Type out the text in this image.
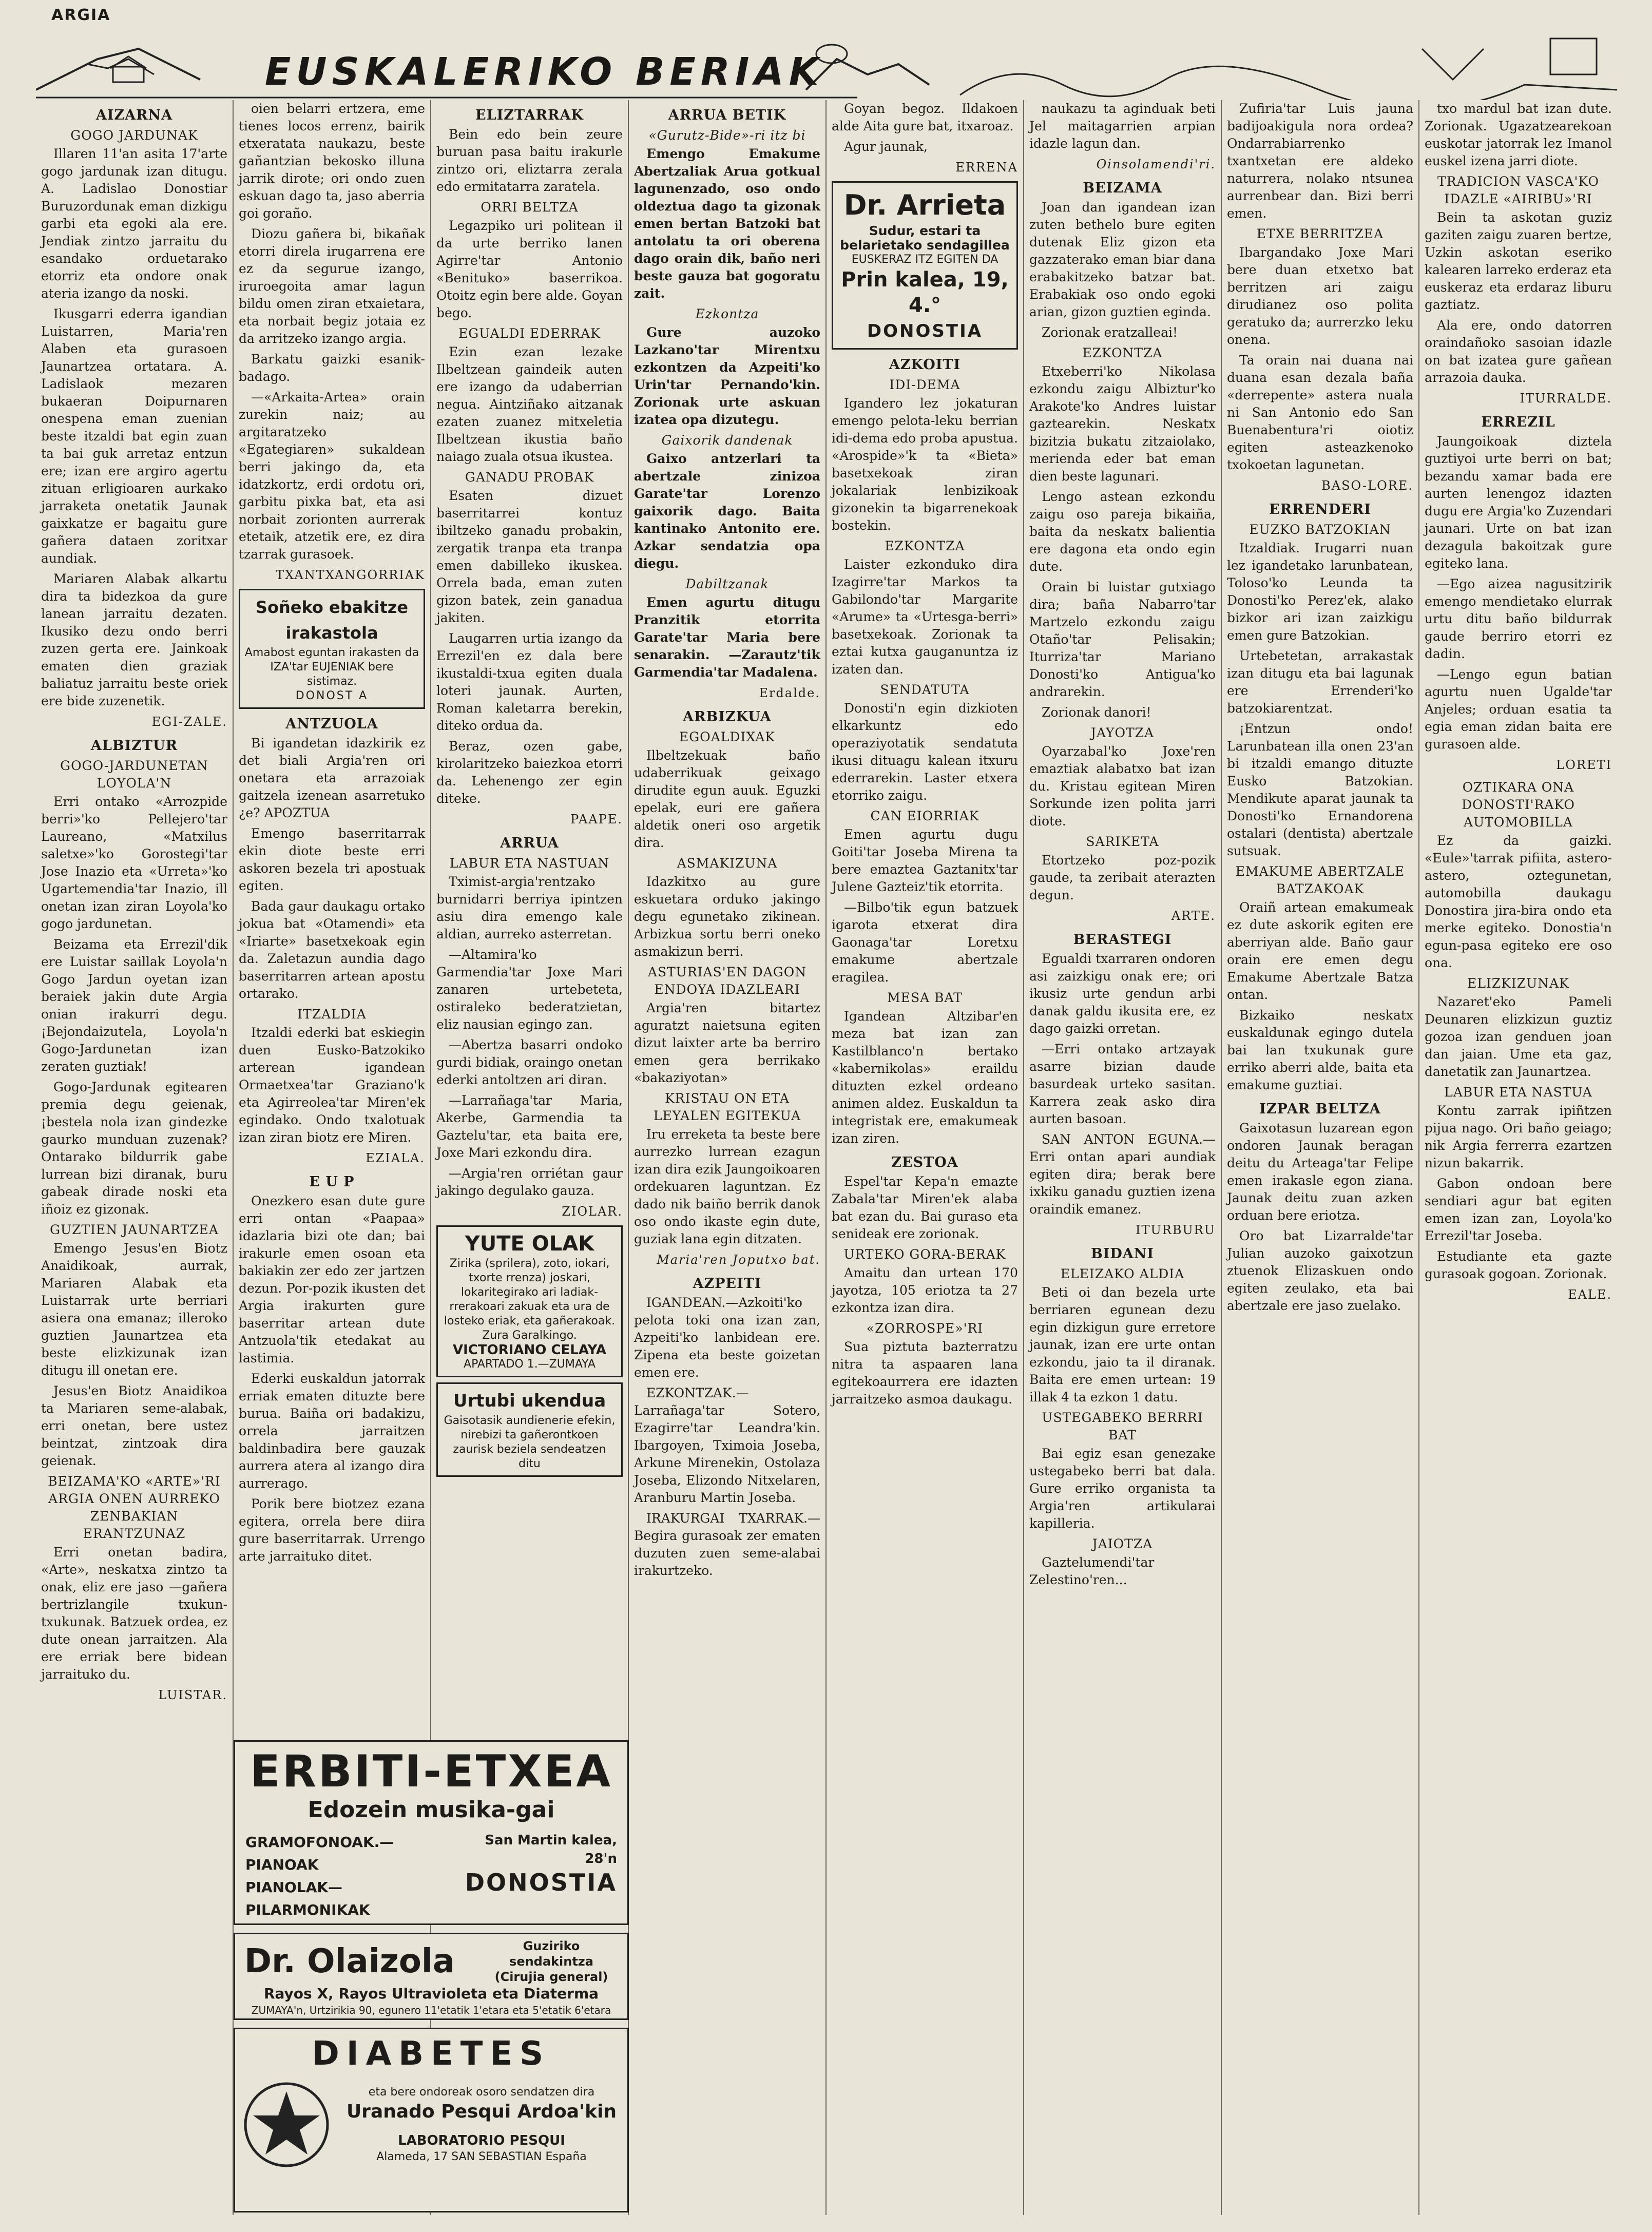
EUSKALERIKO BERIAK
ARGIA
AIZARNA
GOGO JARDUNAK

Illaren 11'an asita 17'arte gogo jardunak izan ditugu. A. Ladislao Donostiar Buruzordunak eman dizkigu garbi eta egoki ala ere. Jendiak zintzo jarraitu du esandako orduetarako etorriz eta ondore onak ateria izango da noski.

Ikusgarri ederra igandian Luistarren, Maria'ren Alaben eta gurasoen Jaunartzea ortatara. A. Ladislaok mezaren bukaeran Doipurnaren onespena eman zuenian beste itzaldi bat egin zuan ta bai guk arretaz entzun ere; izan ere argiro agertu zituan erligioaren aurkako jarraketa onetatik Jaunak gaixkatze er bagaitu gure gañera dataen zoritxar aundiak.

Mariaren Alabak alkartu dira ta bidezkoa da gure lanean jarraitu dezaten. Ikusiko dezu ondo berri zuzen gerta ere. Jainkoak ematen dien graziak baliatuz jarraitu beste oriek ere bide zuzenetik.

EGI-ZALE.
ALBIZTUR
GOGO-JARDUNETAN LOYOLA'N

Erri ontako «Arrozpide berri»'ko Pellejero'tar Laureano, «Matxilus saletxe»'ko Gorostegi'tar Jose Inazio eta «Urreta»'ko Ugartemendia'tar Inazio, ill onetan izan ziran Loyola'ko gogo jardunetan.

Beizama eta Errezil'dik ere Luistar saillak Loyola'n Gogo Jardun oyetan izan beraiek jakin dute Argia onian irakurri degu. ¡Bejondaizutela, Loyola'n Gogo-Jardunetan izan zeraten guztiak!

Gogo-Jardunak egitearen premia degu geienak, ¡bestela nola izan gindezke gaurko munduan zuzenak? Ontarako bildurrik gabe lurrean bizi diranak, buru gabeak dirade noski eta iñoiz ez gizonak.

GUZTIEN JAUNARTZEA

Emengo Jesus'en Biotz Anaidikoak, aurrak, Mariaren Alabak eta Luistarrak urte berriari asiera ona emanaz; illeroko guztien Jaunartzea eta beste elizkizunak izan ditugu ill onetan ere.

Jesus'en Biotz Anaidikoa ta Mariaren seme-alabak, erri onetan, bere ustez beintzat, zintzoak dira geienak.

BEIZAMA'KO «ARTE»'RI ARGIA ONEN AURREKO ZENBAKIAN ERANTZUNAZ

Erri onetan badira, «Arte», neskatxa zintzo ta onak, eliz ere jaso —gañera bertrizlangile txukun-txukunak. Batzuek ordea, ez dute onean jarraitzen. Ala ere erriak bere bidean jarraituko du.

LUISTAR.

oien belarri ertzera, eme tienes locos errenz, bairik etxeratata naukazu, beste gañantzian bekosko illuna jarrik dirote; ori ondo zuen eskuan dago ta, jaso aberria goi goraño.

Diozu gañera bi, bikañak etorri direla irugarrena ere ez da segurue izango, iruroegoita amar lagun bildu omen ziran etxaietara, eta norbait begiz jotaia ez da arritzeko izango argia.

Barkatu gaizki esanik-badago.

—«Arkaita-Artea» orain zurekin naiz; au argitaratzeko «Egategiaren» sukaldean berri jakingo da, eta idatzkortz, erdi ordotu ori, garbitu pixka bat, eta asi norbait zorionten aurrerak etetaik, atzetik ere, ez dira tzarrak gurasoek.

TXANTXANGORRIAK
Soñeko ebakitze irakastola
Amabost eguntan irakasten da IZA'tar EUJENIAK bere sistimaz.
DONOST A
ANTZUOLA

Bi igandetan idazkirik ez det biali Argia'ren ori onetara eta arrazoiak gaitzela izenean asarretuko ¿e? APOZTUA

Emengo baserritarrak ekin diote beste erri askoren bezela tri apostuak egiten.

Bada gaur daukagu ortako jokua bat «Otamendi» eta «Iriarte» basetxekoak egin da. Zaletazun aundia dago baserritarren artean apostu ortarako.

ITZALDIA

Itzaldi ederki bat eskiegin duen Eusko-Batzokiko arterean igandean Ormaetxea'tar Graziano'k eta Agirreolea'tar Miren'ek egindako. Ondo txalotuak izan ziran biotz ere Miren.

EZIALA.
E U P

Onezkero esan dute gure erri ontan «Paapaa» idazlaria bizi ote dan; bai irakurle emen osoan eta bakiakin zer edo zer jartzen dezun. Por-pozik ikusten det Argia irakurten gure baserritar artean dute Antzuola'tik etedakat au lastimia.

Ederki euskaldun jatorrak erriak ematen dituzte bere burua. Baiña ori badakizu, orrela jarraitzen baldinbadira bere gauzak aurrera atera al izango dira aurrerago.

Porik bere biotzez ezana egitera, orrela bere diira gure baserritarrak. Urrengo arte jarraituko ditet.

ELIZTARRAK

Bein edo bein zeure buruan pasa baitu irakurle zintzo ori, eliztarra zerala edo ermitatarra zaratela.

ORRI BELTZA

Legazpiko uri politean il da urte berriko lanen Agirre'tar Antonio «Benituko» baserrikoa. Otoitz egin bere alde. Goyan bego.

EGUALDI EDERRAK

Ezin ezan lezake Ilbeltzean gaindeik auten ere izango da udaberrian negua. Aintziñako aitzanak ezaten zuanez mitxeletia Ilbeltzean ikustia baño naiago zuala otsua ikustea.

GANADU PROBAK

Esaten dizuet baserritarrei kontuz ibiltzeko ganadu probakin, zergatik tranpa eta tranpa emen dabilleko ikuskea. Orrela bada, eman zuten gizon batek, zein ganadua jakiten.

Laugarren urtia izango da Errezil'en ez dala bere ikustaldi-txua egiten duala loteri jaunak. Aurten, Roman kaletarra berekin, diteko ordua da.

Beraz, ozen gabe, kirolaritzeko baiezkoa etorri da. Lehenengo zer egin diteke.

PAAPE.
ARRUA
LABUR ETA NASTUAN

Tximist-argia'rentzako burnidarri berriya ipintzen asiu dira emengo kale aldian, aurreko asterretan.

—Altamira'ko Garmendia'tar Joxe Mari zanaren urtebeteta, ostiraleko bederatzietan, eliz nausian egingo zan.

—Abertza basarri ondoko gurdi bidiak, oraingo onetan ederki antoltzen ari diran.

—Larrañaga'tar Maria, Akerbe, Garmendia ta Gaztelu'tar, eta baita ere, Joxe Mari ezkondu dira.

—Argia'ren orriétan gaur jakingo degulako gauza.

ZIOLAR.
YUTE OLAK
Zirika (sprilera), zoto, iokari, txorte rrenza) joskari, lokaritegirako ari ladiak-rrerakoari zakuak eta ura de losteko eriak, eta gañerakoak. Zura Garalkingo.
VICTORIANO CELAYA
APARTADO 1.—ZUMAYA
Urtubi ukendua
Gaisotasik aundienerie efekin, nirebizi ta gañerontkoen zaurisk beziela sendeatzen ditu
ARRUA BETIK
«Gurutz-Bide»-ri itz bi

Emengo Emakume Abertzaliak Arua gotkual lagunenzado, oso ondo oldeztua dago ta gizonak emen bertan Batzoki bat antolatu ta ori oberena dago orain dik, baño neri beste gauza bat gogoratu zait.

Ezkontza

Gure auzoko Lazkano'tar Mirentxu ezkontzen da Azpeiti'ko Urin'tar Pernando'kin. Zorionak urte askuan izatea opa dizutegu.

Gaixorik dandenak

Gaixo antzerlari ta abertzale zinizoa Garate'tar Lorenzo gaixorik dago. Baita kantinako Antonito ere. Azkar sendatzia opa diegu.

Dabiltzanak

Emen agurtu ditugu Pranzitik etorrita Garate'tar Maria bere senarakin. —Zarautz'tik Garmendia'tar Madalena.

Erdalde.
ARBIZKUA
EGOALDIXAK

Ilbeltzekuak baño udaberrikuak geixago dirudite egun auuk. Eguzki epelak, euri ere gañera aldetik oneri oso argetik dira.

ASMAKIZUNA

Idazkitxo au gure eskuetara orduko jakingo degu egunetako zikinean. Arbizkua sortu berri oneko asmakizun berri.

ASTURIAS'EN DAGON ENDOYA IDAZLEARI

Argia'ren bitartez aguratzt naietsuna egiten dizut laixter arte ba berriro emen gera berrikako «bakaziyotan»

KRISTAU ON ETA LEYALEN EGITEKUA

Iru erreketa ta beste bere aurrezko lurrean ezagun izan dira ezik Jaungoikoaren ordekuaren laguntzan. Ez dado nik baiño berrik danok oso ondo ikaste egin dute, guziak lana egin ditzaten.

Maria'ren Joputxo bat.
AZPEITI

IGANDEAN.—Azkoiti'ko pelota toki ona izan zan, Azpeiti'ko lanbidean ere. Zipena eta beste goizetan emen ere.

EZKONTZAK.—Larrañaga'tar Sotero, Ezagirre'tar Leandra'kin. Ibargoyen, Tximoia Joseba, Arkune Mirenekin, Ostolaza Joseba, Elizondo Nitxelaren, Aranburu Martin Joseba.

IRAKURGAI TXARRAK.—Begira gurasoak zer ematen duzuten zuen seme-alabai irakurtzeko.

Goyan begoz. Ildakoen alde Aita gure bat, itxaroaz.

Agur jaunak,

ERRENA
Dr. Arrieta
Sudur, estari ta belarietako sendagillea
EUSKERAZ ITZ EGITEN DA
Prin kalea, 19, 4.°
DONOSTIA
AZKOITI
IDI-DEMA

Igandero lez jokaturan emengo pelota-leku berrian idi-dema edo proba apustua. «Arospide»'k ta «Bieta» basetxekoak ziran jokalariak lenbizikoak gizonekin ta bigarrenekoak bostekin.

EZKONTZA

Laister ezkonduko dira Izagirre'tar Markos ta Gabilondo'tar Margarite «Arume» ta «Urtesga-berri» basetxekoak. Zorionak ta eztai kutxa gauganuntza iz izaten dan.

SENDATUTA

Donosti'n egin dizkioten elkarkuntz edo operaziyotatik sendatuta ikusi dituagu kalean itxuru ederrarekin. Laster etxera etorriko zaigu.

CAN EIORRIAK

Emen agurtu dugu Goiti'tar Joseba Mirena ta bere emaztea Gaztanitx'tar Julene Gazteiz'tik etorrita.

—Bilbo'tik egun batzuek igarota etxerat dira Gaonaga'tar Loretxu emakume abertzale eragilea.

MESA BAT

Igandean Altzibar'en meza bat izan zan Kastilblanco'n bertako «kabernikolas» eraildu dituzten ezkel ordeano animen aldez. Euskaldun ta integristak ere, emakumeak izan ziren.

ZESTOA

Espel'tar Kepa'n emazte Zabala'tar Miren'ek alaba bat ezan du. Bai guraso eta senideak ere zorionak.

URTEKO GORA-BERAK

Amaitu dan urtean 170 jayotza, 105 eriotza ta 27 ezkontza izan dira.

«ZORROSPE»'RI

Sua piztuta bazterratzu nitra ta aspaaren lana egitekoaurrera ere idazten jarraitzeko asmoa daukagu.

naukazu ta aginduak beti Jel maitagarrien arpian idazle lagun dan.

Oinsolamendi'ri.
BEIZAMA

Joan dan igandean izan zuten bethelo bure egiten dutenak Eliz gizon eta gazzaterako eman biar dana erabakitzeko batzar bat. Erabakiak oso ondo egoki arian, gizon guztien eginda.

Zorionak eratzalleai!

EZKONTZA

Etxeberri'ko Nikolasa ezkondu zaigu Albiztur'ko Arakote'ko Andres luistar gaztearekin. Neskatx bizitzia bukatu zitzaiolako, merienda eder bat eman dien beste lagunari.

Lengo astean ezkondu zaigu oso pareja bikaiña, baita da neskatx balientia ere dagona eta ondo egin dute.

Orain bi luistar gutxiago dira; baña Nabarro'tar Martzelo ezkondu zaigu Otaño'tar Pelisakin; Iturriza'tar Mariano Donosti'ko Antigua'ko andrarekin.

Zorionak danori!

JAYOTZA

Oyarzabal'ko Joxe'ren emaztiak alabatxo bat izan du. Kristau egitean Miren Sorkunde izen polita jarri diote.

SARIKETA

Etortzeko poz-pozik gaude, ta zeribait aterazten degun.

ARTE.
BERASTEGI

Egualdi txarraren ondoren asi zaizkigu onak ere; ori ikusiz urte gendun arbi danak galdu ikusita ere, ez dago gaizki orretan.

—Erri ontako artzayak asarre bizian daude basurdeak urteko sasitan. Karrera zeak asko dira aurten basoan.

SAN ANTON EGUNA.—Erri ontan apari aundiak egiten dira; berak bere ixkiku ganadu guztien izena oraindik emanez.

ITURBURU
BIDANI
ELEIZAKO ALDIA

Beti oi dan bezela urte berriaren egunean dezu egin dizkigun gure erretore jaunak, izan ere urte ontan ezkondu, jaio ta il diranak. Baita ere emen urtean: 19 illak 4 ta ezkon 1 datu.

USTEGABEKO BERRRI BAT

Bai egiz esan genezake ustegabeko berri bat dala. Gure erriko organista ta Argia'ren artikularai kapilleria.

JAIOTZA

Gaztelumendi'tar Zelestino'ren...

Zufiria'tar Luis jauna badijoakigula nora ordea? Ondarrabiarrenko txantxetan ere aldeko naturrera, nolako ntsunea aurrenbear dan. Bizi berri emen.

ETXE BERRITZEA

Ibargandako Joxe Mari bere duan etxetxo bat berritzen ari zaigu dirudianez oso polita geratuko da; aurrerzko leku onena.

Ta orain nai duana nai duana esan dezala baña «derrepente» astera nuala ni San Antonio edo San Buenabentura'ri oiotiz egiten asteazkenoko txokoetan lagunetan.

BASO-LORE.
ERRENDERI
EUZKO BATZOKIAN

Itzaldiak. Irugarri nuan lez igandetako larunbatean, Toloso'ko Leunda ta Donosti'ko Perez'ek, alako bizkor ari izan zaizkigu emen gure Batzokian.

Urtebetetan, arrakastak izan ditugu eta bai lagunak ere Errenderi'ko batzokiarentzat.

¡Entzun ondo! Larunbatean illa onen 23'an bi itzaldi emango dituzte Eusko Batzokian. Mendikute aparat jaunak ta Donosti'ko Ernandorena ostalari (dentista) abertzale sutsuak.

EMAKUME ABERTZALE BATZAKOAK

Oraiñ artean emakumeak ez dute askorik egiten ere aberriyan alde. Baño gaur orain ere emen degu Emakume Abertzale Batza ontan.

Bizkaiko neskatx euskaldunak egingo dutela bai lan txukunak gure erriko aberri alde, baita eta emakume guztiai.

IZPAR BELTZA

Gaixotasun luzarean egon ondoren Jaunak beragan deitu du Arteaga'tar Felipe emen irakasle egon ziana. Jaunak deitu zuan azken orduan bere eriotza.

Oro bat Lizarralde'tar Julian auzoko gaixotzun ztuenok Elizaskuen ondo egiten zeulako, eta bai abertzale ere jaso zuelako.

txo mardul bat izan dute. Zorionak. Ugazatzearekoan euskotar jatorrak lez Imanol euskel izena jarri diote.

TRADICION VASCA'KO IDAZLE «AIRIBU»'RI

Bein ta askotan guziz gaziten zaigu zuaren bertze, Uzkin askotan eseriko kalearen larreko erderaz eta euskeraz eta erdaraz liburu gaztiatz.

Ala ere, ondo datorren oraindañoko sasoian idazle on bat izatea gure gañean arrazoia dauka.

ITURRALDE.
ERREZIL

Jaungoikoak diztela guztiyoi urte berri on bat; bezandu xamar bada ere aurten lenengoz idazten dugu ere Argia'ko Zuzendari jaunari. Urte on bat izan dezagula bakoitzak gure egiteko lana.

—Ego aizea nagusitzirik emengo mendietako elurrak urtu ditu baño bildurrak gaude berriro etorri ez dadin.

—Lengo egun batian agurtu nuen Ugalde'tar Anjeles; orduan esatia ta egia eman zidan baita ere gurasoen alde.

LORETI
OZTIKARA ONA DONOSTI'RAKO AUTOMOBILLA

Ez da gaizki. «Eule»'tarrak pifiita, astero-astero, oztegunetan, automobilla daukagu Donostira jira-bira ondo eta merke egiteko. Donostia'n egun-pasa egiteko ere oso ona.

ELIZKIZUNAK

Nazaret'eko Pameli Deunaren elizkizun guztiz gozoa izan genduen joan dan jaian. Ume eta gaz, danetatik zan Jaunartzea.

LABUR ETA NASTUA

Kontu zarrak ipiñtzen pijua nago. Ori baño geiago; nik Argia ferrerra ezartzen nizun bakarrik.

Gabon ondoan bere sendiari agur bat egiten emen izan zan, Loyola'ko Errezil'tar Joseba.

Estudiante eta gazte gurasoak gogoan. Zorionak.

EALE.
ERBITI-ETXEA
Edozein musika-gai
GRAMOFONOAK.—PIANOAK
PIANOLAK—PILARMONIKAK
San Martin kalea, 28'n
DONOSTIA
Dr. Olaizola	Guziriko sendakintza (Cirujia general)
Rayos X, Rayos Ultravioleta eta Diaterma
ZUMAYA'n, Urtzirikia 90, egunero 11'etatik 1'etara eta 5'etatik 6'etara
DIABETES
eta bere ondoreak osoro sendatzen dira
Uranado Pesqui Ardoa'kin
LABORATORIO PESQUI
Alameda, 17 SAN SEBASTIAN España
